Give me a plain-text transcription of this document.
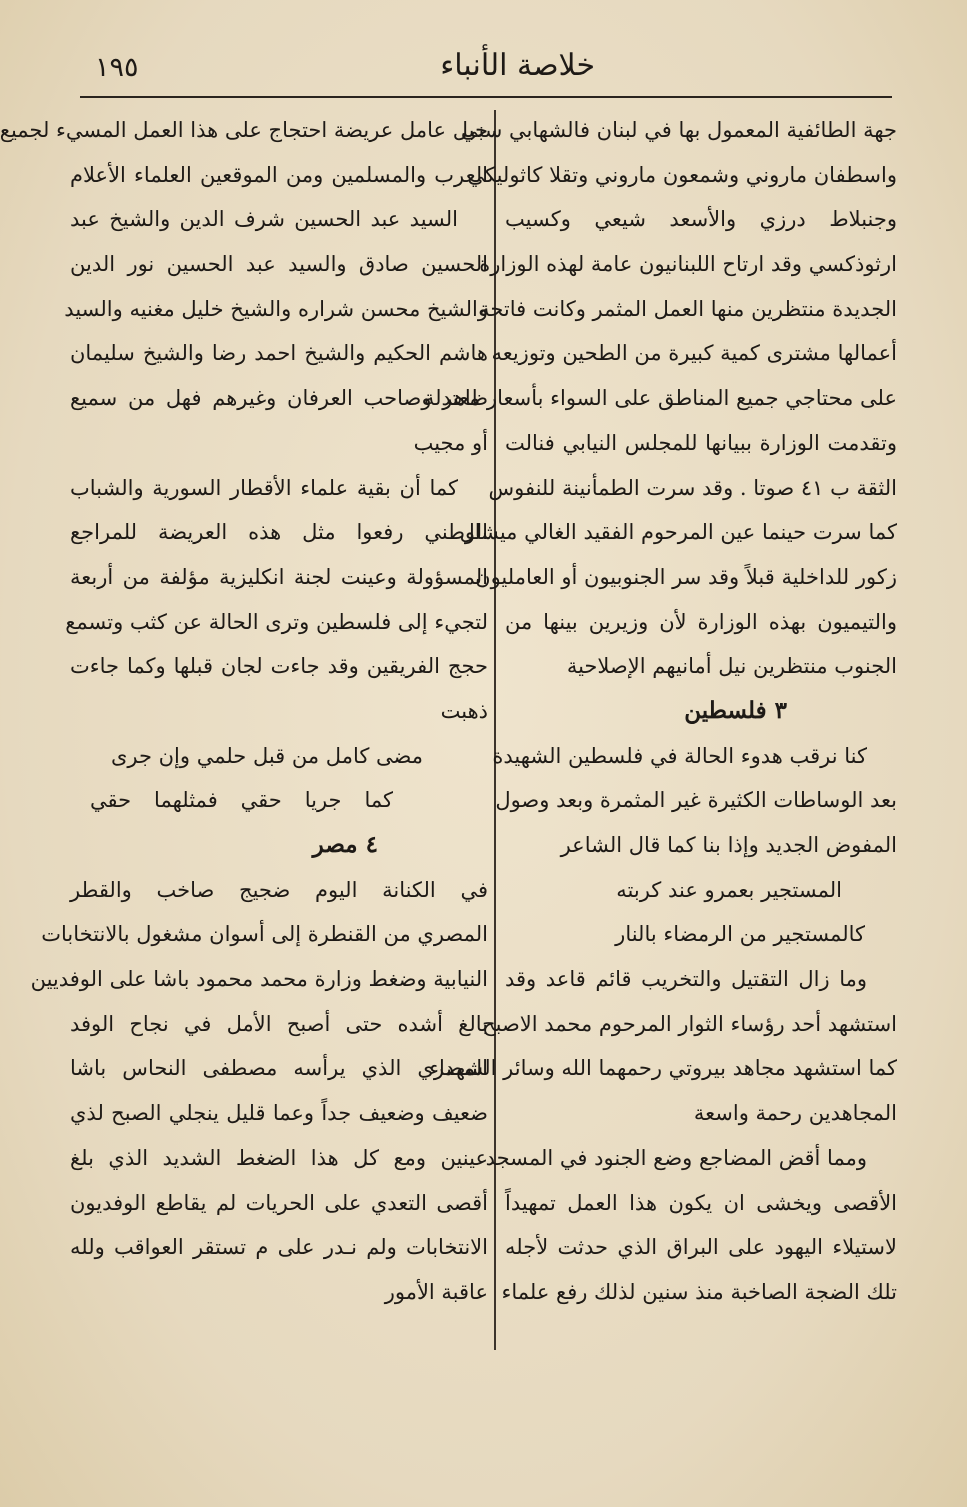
خلاصة الأنباء
١٩٥
جهة الطائفية المعمول بها في لبنان فالشهابي سني
واسطفان ماروني وشمعون ماروني وتقلا كاثوليكي
وجنبلاط درزي والأسعد شيعي وكسيب
ارثوذكسي وقد ارتاح اللبنانيون عامة لهذه الوزارة
الجديدة منتظرين منها العمل المثمر وكانت فاتحة
أعمالها مشترى كمية كبيرة من الطحين وتوزيعه
على محتاجي جميع المناطق على السواء بأسعار معتدلة
وتقدمت الوزارة ببيانها للمجلس النيابي فنالت
الثقة ب ٤١ صوتا . وقد سرت الطمأنينة للنفوس
كما سرت حينما عين المرحوم الفقيد الغالي ميشال
زكور للداخلية قبلاً وقد سر الجنوبيون أو العامليون
والتيميون بهذه الوزارة لأن وزيرين بينها من
الجنوب منتظرين نيل أمانيهم الإصلاحية
٣ فلسطين
كنا نرقب هدوء الحالة في فلسطين الشهيدة
بعد الوساطات الكثيرة غير المثمرة وبعد وصول
المفوض الجديد وإذا بنا كما قال الشاعر
المستجير بعمرو عند كربته
كالمستجير من الرمضاء بالنار
وما زال التقتيل والتخريب قائم قاعد وقد
استشهد أحد رؤساء الثوار المرحوم محمد الاصبح
كما استشهد مجاهد بيروتي رحمهما الله وسائر الشهداء
المجاهدين رحمة واسعة
ومما أقض المضاجع وضع الجنود في المسجد
الأقصى ويخشى ان يكون هذا العمل تمهيداً
لاستيلاء اليهود على البراق الذي حدثت لأجله
تلك الضجة الصاخبة منذ سنين لذلك رفع علماء
جبل عامل عريضة احتجاج على هذا العمل المسيء لجميع
العرب والمسلمين ومن الموقعين العلماء الأعلام
السيد عبد الحسين شرف الدين والشيخ عبد
الحسين صادق والسيد عبد الحسين نور الدين
والشيخ محسن شراره والشيخ خليل مغنيه والسيد
هاشم الحكيم والشيخ احمد رضا والشيخ سليمان
ظاهر وصاحب العرفان وغيرهم فهل من سميع
أو مجيب
كما أن بقية علماء الأقطار السورية والشباب
الوطني رفعوا مثل هذه العريضة للمراجع
المسؤولة وعينت لجنة انكليزية مؤلفة من أربعة
لتجيء إلى فلسطين وترى الحالة عن كثب وتسمع
حجج الفريقين وقد جاءت لجان قبلها وكما جاءت
ذهبت
مضى كامل من قبل حلمي وإن جرى
كما جريا حقي فمثلهما حقي
٤ مصر
في الكنانة اليوم ضجيج صاخب والقطر
المصري من القنطرة إلى أسوان مشغول بالانتخابات
النيابية وضغط وزارة محمد محمود باشا على الوفديين
بالغ أشده حتى أصبح الأمل في نجاح الوفد
المصري الذي يرأسه مصطفى النحاس باشا
ضعيف وضعيف جداً وعما قليل ينجلي الصبح لذي
عينين ومع كل هذا الضغط الشديد الذي بلغ
أقصى التعدي على الحريات لم يقاطع الوفديون
الانتخابات ولم نـدر على م تستقر العواقب ولله
عاقبة الأمور
